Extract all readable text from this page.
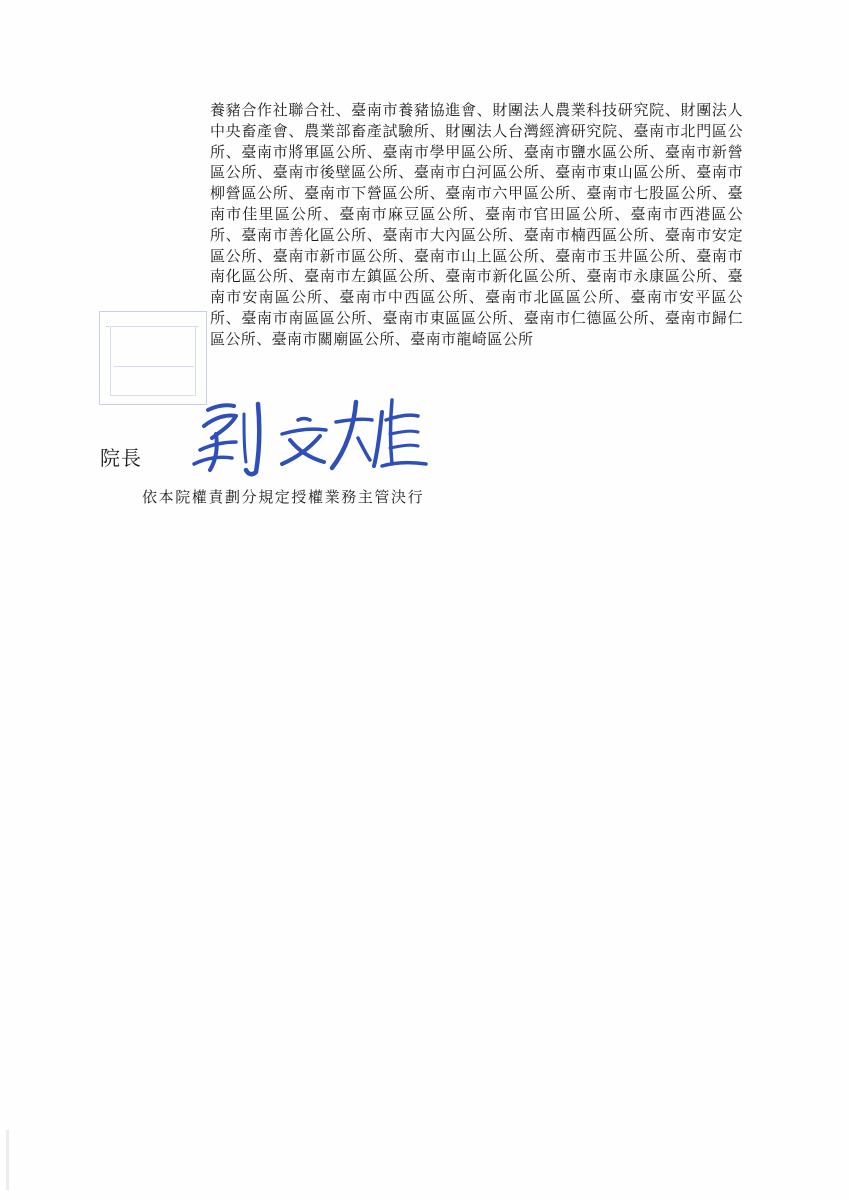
養豬合作社聯合社、臺南市養豬協進會、財團法人農業科技研究院、財團法人中央畜產會、農業部畜產試驗所、財團法人台灣經濟研究院、臺南市北門區公所、臺南市將軍區公所、臺南市學甲區公所、臺南市鹽水區公所、臺南市新營區公所、臺南市後壁區公所、臺南市白河區公所、臺南市東山區公所、臺南市柳營區公所、臺南市下營區公所、臺南市六甲區公所、臺南市七股區公所、臺南市佳里區公所、臺南市麻豆區公所、臺南市官田區公所、臺南市西港區公所、臺南市善化區公所、臺南市大內區公所、臺南市楠西區公所、臺南市安定區公所、臺南市新市區公所、臺南市山上區公所、臺南市玉井區公所、臺南市南化區公所、臺南市左鎮區公所、臺南市新化區公所、臺南市永康區公所、臺南市安南區公所、臺南市中西區公所、臺南市北區區公所、臺南市安平區公所、臺南市南區區公所、臺南市東區區公所、臺南市仁德區公所、臺南市歸仁區公所、臺南市關廟區公所、臺南市龍崎區公所
院長
依本院權責劃分規定授權業務主管決行
